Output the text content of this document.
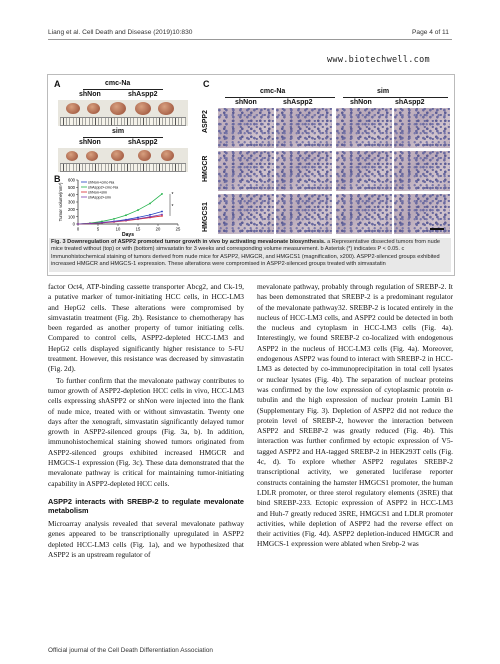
Liang et al. Cell Death and Disease (2019)10:830	Page 4 of 11
www.biotechwell.com
A	cmc-Na
shNon	shAspp2
sim
shNon	shAspp2
B
0
100
200
300
400
500
600
0	5	10	15	20	25
Days
Tumor volume(mm³)
shNon+cmc-Na
shAspp2+cmc-Na
shNon+sim
shAspp2+sim	*
*
C
cmc-Na	sim
shNon	shAspp2	shNon	shAspp2
ASPP2
HMGCR
HMGCS1
Fig. 3 Downregulation of ASPP2 promoted tumor growth in vivo by activating mevalonate biosynthesis. a Representative dissected tumors from nude mice treated without (top) or with (bottom) simvastatin for 3 weeks and corresponding volume measurement. b Asterisk (*) indicates P < 0.05. c Immunohistochemical staining of tumors derived from nude mice for ASPP2, HMGCR, and HMGCS1 (magnification, x200). ASPP2-silenced groups exhibited increased HMGCR and HMGCS-1 expression. These alterations were compromised in ASPP2-silenced groups treated with simvastatin

factor Oct4, ATP-binding cassette transporter Abcg2, and Ck-19, a putative marker of tumor-initiating HCC cells, in HCC-LM3 and HepG2 cells. These alterations were compromised by simvastatin treatment (Fig. 2b). Resistance to chemotherapy has been regarded as another property of tumor initiating cells. Compared to control cells, ASPP2-depleted HCC-LM3 and HepG2 cells displayed significantly higher resistance to 5-FU treatment. However, this resistance was decreased by simvastatin (Fig. 2d).

To further confirm that the mevalonate pathway contributes to tumor growth of ASPP2-depletion HCC cells in vivo, HCC-LM3 cells expressing shASPP2 or shNon were injected into the flank of nude mice, treated with or without simvastatin. Twenty one days after the xenograft, simvastatin significantly delayed tumor growth in ASPP2-silenced groups (Fig. 3a, b). In addition, immunohistochemical staining showed tumors originated from ASPP2-silenced groups exhibited increased HMGCR and HMGCS-1 expression (Fig. 3c). These data demonstrated that the mevalonate pathway is critical for maintaining tumor-initiating capability in ASPP2-depleted HCC cells.

ASPP2 interacts with SREBP-2 to regulate mevalonate metabolism

Microarray analysis revealed that several mevalonate pathway genes appeared to be transcriptionally upregulated in ASPP2 depleted HCC-LM3 cells (Fig. 1a), and we hypothesized that ASPP2 is an upstream regulator of

mevalonate pathway, probably through regulation of SREBP-2. It has been demonstrated that SREBP-2 is a predominant regulator of the mevalonate pathway32. SREBP-2 is located entirely in the nucleus of HCC-LM3 cells, and ASPP2 could be detected in both the nucleus and cytoplasm in HCC-LM3 cells (Fig. 4a). Interestingly, we found SREBP-2 co-localized with endogenous ASPP2 in the nucleus of HCC-LM3 cells (Fig. 4a). Moreover, endogenous ASPP2 was found to interact with SREBP-2 in HCC-LM3 as detected by co-immunoprecipitation in total cell lysates or nuclear lysates (Fig. 4b). The separation of nuclear proteins was confirmed by the low expression of cytoplasmic protein α-tubulin and the high expression of nuclear protein Lamin B1 (Supplementary Fig. 3). Depletion of ASPP2 did not reduce the protein level of SREBP-2, however the interaction between ASPP2 and SREBP-2 was greatly reduced (Fig. 4b). This interaction was further confirmed by ectopic expression of V5-tagged ASPP2 and HA-tagged SREBP-2 in HEK293T cells (Fig. 4c, d). To explore whether ASPP2 regulates SREBP-2 transcriptional activity, we generated luciferase reporter constructs containing the hamster HMGCS1 promoter, the human LDLR promoter, or three sterol regulatory elements (3SRE) that bind SREBP-233. Ectopic expression of ASPP2 in HCC-LM3 and Huh-7 greatly reduced 3SRE, HMGCS1 and LDLR promoter activities, while depletion of ASPP2 had the reverse effect on their activities (Fig. 4d). ASPP2 depletion-induced HMGCR and HMGCS-1 expression were ablated when Srebp-2 was

Official journal of the Cell Death Differentiation Association
